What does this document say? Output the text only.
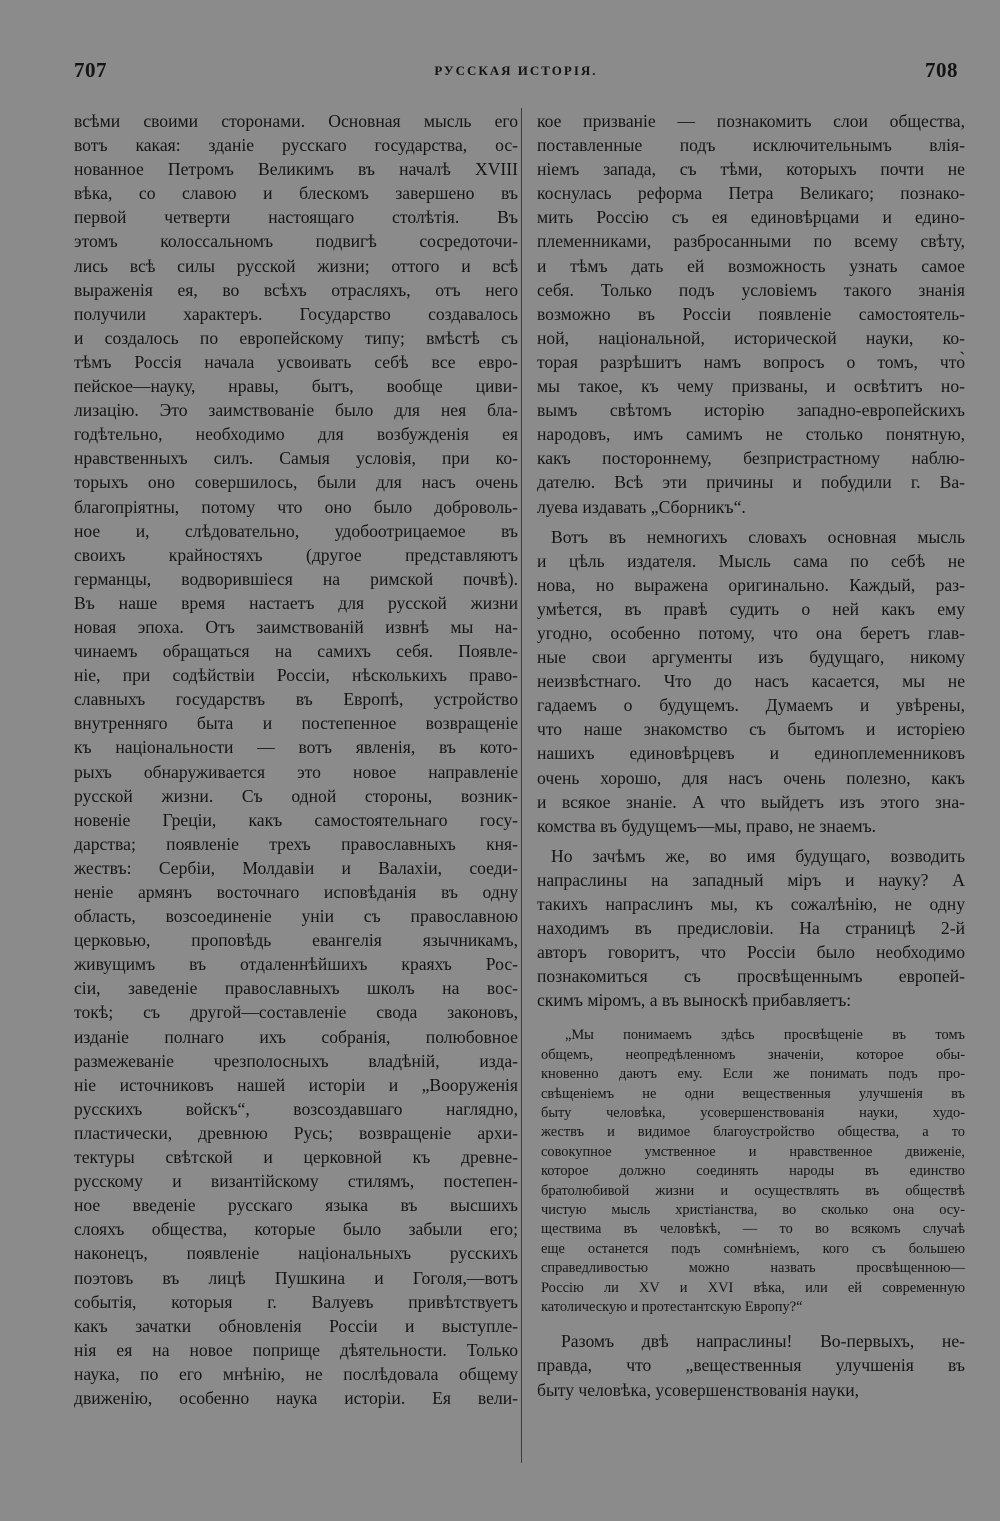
707	РУССКАЯ ИСТОРІЯ.	708
всѣми своими сторонами. Основная мысль его
вотъ какая: зданіе русскаго государства, ос-
нованное Петромъ Великимъ въ началѣ XVIII
вѣка, со славою и блескомъ завершено въ
первой четверти настоящаго столѣтія. Въ
этомъ колоссальномъ подвигѣ сосредоточи-
лись всѣ силы русской жизни; оттого и всѣ
выраженія ея, во всѣхъ отрасляхъ, отъ него
получили характеръ. Государство создавалось
и создалось по европейскому типу; вмѣстѣ съ
тѣмъ Россія начала усвоивать себѣ все евро-
пейское—науку, нравы, бытъ, вообще циви-
лизацію. Это заимствованіе было для нея бла-
годѣтельно, необходимо для возбужденія ея
нравственныхъ силъ. Самыя условія, при ко-
торыхъ оно совершилось, были для насъ очень
благопріятны, потому что оно было доброволь-
ное и, слѣдовательно, удобоотрицаемое въ
своихъ крайностяхъ (другое представляютъ
германцы, водворившіеся на римской почвѣ).
Въ наше время настаетъ для русской жизни
новая эпоха. Отъ заимствованій извнѣ мы на-
чинаемъ обращаться на самихъ себя. Появле-
ніе, при содѣйствіи Россіи, нѣсколькихъ право-
славныхъ государствъ въ Европѣ, устройство
внутренняго быта и постепенное возвращеніе
къ національности — вотъ явленія, въ кото-
рыхъ обнаруживается это новое направленіе
русской жизни. Съ одной стороны, возник-
новеніе Греціи, какъ самостоятельнаго госу-
дарства; появленіе трехъ православныхъ кня-
жествъ: Сербіи, Молдавіи и Валахіи, соеди-
неніе армянъ восточнаго исповѣданія въ одну
область, возсоединеніе уніи съ православною
церковью, проповѣдь евангелія язычникамъ,
живущимъ въ отдаленнѣйшихъ краяхъ Рос-
сіи, заведеніе православныхъ школъ на вос-
токѣ; съ другой—составленіе свода законовъ,
изданіе полнаго ихъ собранія, полюбовное
размежеваніе чрезполосныхъ владѣній, изда-
ніе источниковъ нашей исторіи и „Вооруженія
русскихъ войскъ“, возсоздавшаго наглядно,
пластически, древнюю Русь; возвращеніе архи-
тектуры свѣтской и церковной къ древне-
русскому и византійскому стилямъ, постепен-
ное введеніе русскаго языка въ высшихъ
слояхъ общества, которые было забыли его;
наконецъ, появленіе національныхъ русскихъ
поэтовъ въ лицѣ Пушкина и Гоголя,—вотъ
событія, которыя г. Валуевъ привѣтствуетъ
какъ зачатки обновленія Россіи и выступле-
нія ея на новое поприще дѣятельности. Только
наука, по его мнѣнію, не послѣдовала общему
движенію, особенно наука исторіи. Ея вели-
кое призваніе — познакомить слои общества,
поставленные подъ исключительнымъ влія-
ніемъ запада, съ тѣми, которыхъ почти не
коснулась реформа Петра Великаго; познако-
мить Россію съ ея единовѣрцами и едино-
племенниками, разбросанными по всему свѣту,
и тѣмъ дать ей возможность узнать самое
себя. Только подъ условіемъ такого знанія
возможно въ Россіи появленіе самостоятель-
ной, національной, исторической науки, ко-
торая разрѣшитъ намъ вопросъ о томъ, что̀
мы такое, къ чему призваны, и освѣтитъ но-
вымъ свѣтомъ исторію западно-европейскихъ
народовъ, имъ самимъ не столько понятную,
какъ постороннему, безпристрастному наблю-
дателю. Всѣ эти причины и побудили г. Ва-
луева издавать „Сборникъ“.
Вотъ въ немногихъ словахъ основная мысль
и цѣль издателя. Мысль сама по себѣ не
нова, но выражена оригинально. Каждый, раз-
умѣется, въ правѣ судить о ней какъ ему
угодно, особенно потому, что она беретъ глав-
ные свои аргументы изъ будущаго, никому
неизвѣстнаго. Что до насъ касается, мы не
гадаемъ о будущемъ. Думаемъ и увѣрены,
что наше знакомство съ бытомъ и исторіею
нашихъ единовѣрцевъ и единоплеменниковъ
очень хорошо, для насъ очень полезно, какъ
и всякое знаніе. А что выйдетъ изъ этого зна-
комства въ будущемъ—мы, право, не знаемъ.
Но зачѣмъ же, во имя будущаго, возводить
напраслины на западный міръ и науку? А
такихъ напраслинъ мы, къ сожалѣнію, не одну
находимъ въ предисловіи. На страницѣ 2-й
авторъ говоритъ, что Россіи было необходимо
познакомиться съ просвѣщеннымъ европей-
скимъ міромъ, а въ выноскѣ прибавляетъ:
„Мы понимаемъ здѣсь просвѣщеніе въ томъ
общемъ, неопредѣленномъ значеніи, которое обы-
кновенно даютъ ему. Если же понимать подъ про-
свѣщеніемъ не одни вещественныя улучшенія въ
быту человѣка, усовершенствованія науки, худо-
жествъ и видимое благоустройство общества, а то
совокупное умственное и нравственное движеніе,
которое должно соединять народы въ единство
братолюбивой жизни и осуществлять въ обществѣ
чистую мысль христіанства, во сколько она осу-
ществима въ человѣкѣ, — то во всякомъ случаѣ
еще останется подъ сомнѣніемъ, кого съ большею
справедливостью можно назвать просвѣщенною—
Россію ли XV и XVI вѣка, или ей современную
католическую и протестантскую Европу?“
Разомъ двѣ напраслины! Во-первыхъ, не-
правда, что „вещественныя улучшенія въ
быту человѣка, усовершенствованія науки,
